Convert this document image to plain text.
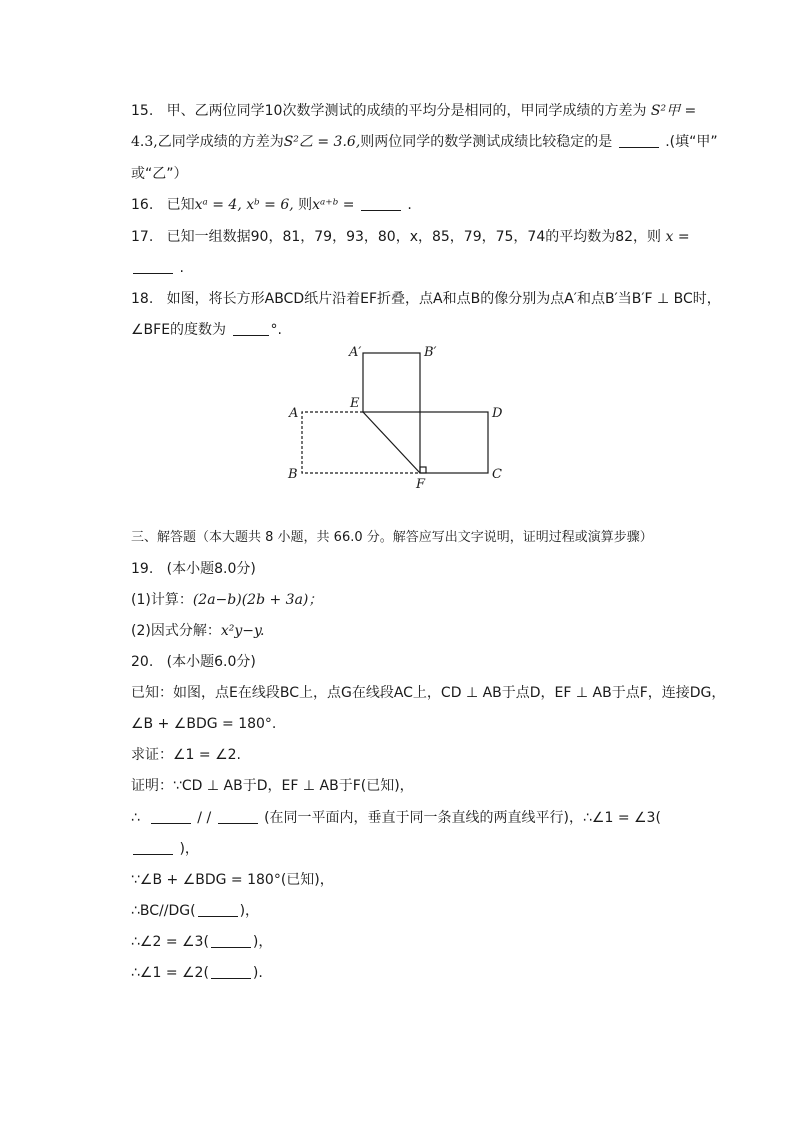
15. 甲、乙两位同学10次数学测试的成绩的平均分是相同的，甲同学成绩的方差为 S²甲 =
4.3,乙同学成绩的方差为S²乙 = 3.6,则两位同学的数学测试成绩比较稳定的是	.(填“甲”
或“乙”）
16. 已知xᵃ = 4, xᵇ = 6, 则xᵃ⁺ᵇ =	.
17. 已知一组数据90，81，79，93，80，x，85，79，75，74的平均数为82，则 x =
.
18. 如图，将长方形ABCD纸片沿着EF折叠，点A和点B的像分别为点A′和点B′当B′F ⊥ BC时，
∠BFE的度数为	°.
A′	B′
A
E
D
B
F
C
三、解答题（本大题共 8 小题，共 66.0 分。解答应写出文字说明，证明过程或演算步骤）
19. (本小题8.0分)
(1)计算：(2a−b)(2b + 3a)；
(2)因式分解：x²y−y.
20. (本小题6.0分)
已知：如图，点E在线段BC上，点G在线段AC上，CD ⊥ AB于点D，EF ⊥ AB于点F，连接DG，
∠B + ∠BDG = 180°.
求证：∠1 = ∠2.
证明：∵CD ⊥ AB于D，EF ⊥ AB于F(已知)，
∴	/ /	(在同一平面内，垂直于同一条直线的两直线平行)，∴∠1 = ∠3(
)，
∵∠B + ∠BDG = 180°(已知)，
∴BC//DG(	)，
∴∠2 = ∠3(	)，
∴∠1 = ∠2(	).
